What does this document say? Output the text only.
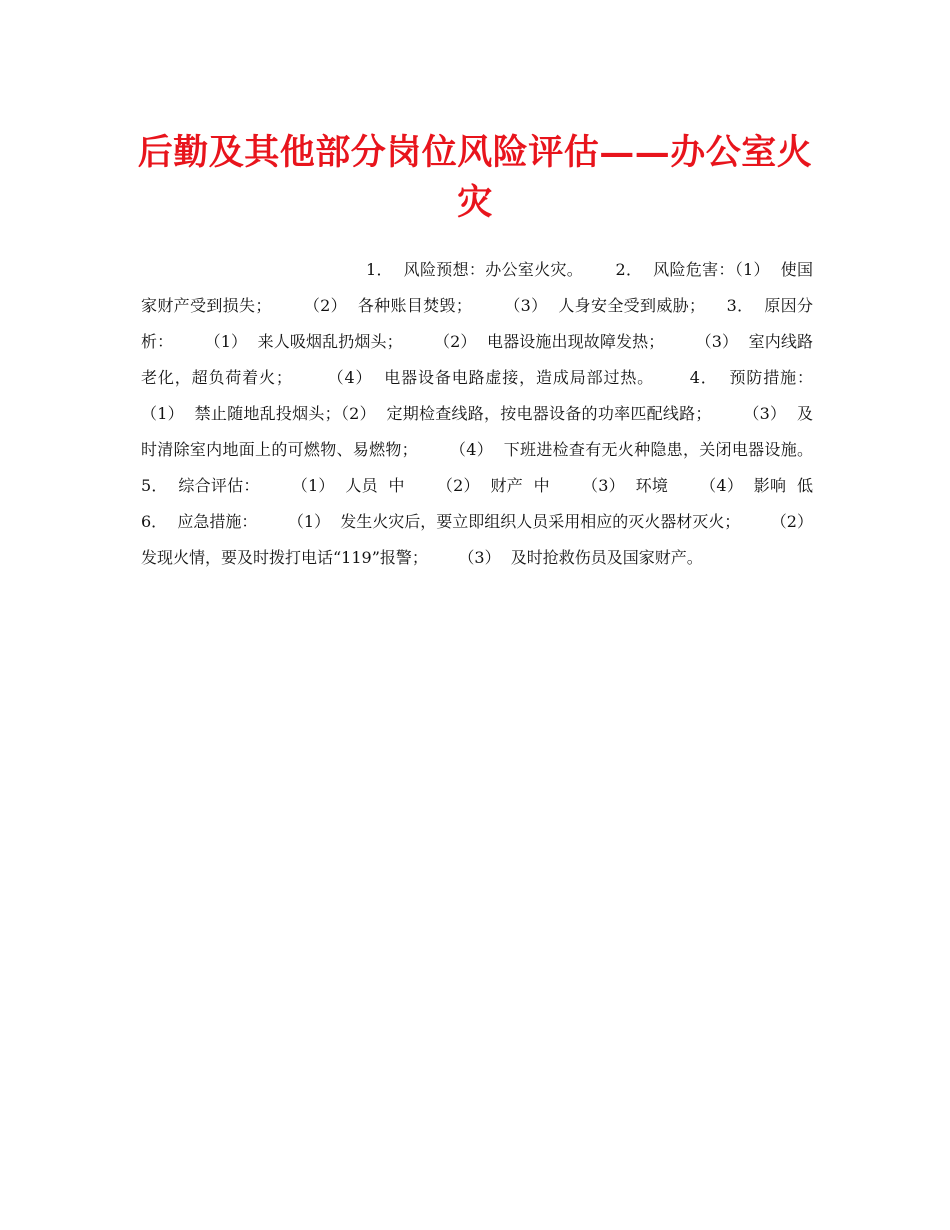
后勤及其他部分岗位风险评估——办公室火灾

1．  风险预想：办公室火灾。      2．  风险危害：（1）  使国家财产受到损失；      （2）  各种账目焚毁；      （3）  人身安全受到威胁；    3．  原因分析：      （1）  来人吸烟乱扔烟头；      （2）  电器设施出现故障发热；      （3）  室内线路老化，超负荷着火；      （4）  电器设备电路虚接，造成局部过热。      4．  预防措施：      （1）  禁止随地乱投烟头；（2）  定期检查线路，按电器设备的功率匹配线路；      （3）  及时清除室内地面上的可燃物、易燃物；      （4）  下班进检查有无火种隐患，关闭电器设施。5．  综合评估：      （1）  人员  中      （2）  财产  中      （3）  环境      （4）  影响  低      6．  应急措施：      （1）  发生火灾后，要立即组织人员采用相应的灭火器材灭火；      （2）  发现火情，要及时拨打电话“119”报警；      （3）  及时抢救伤员及国家财产。
